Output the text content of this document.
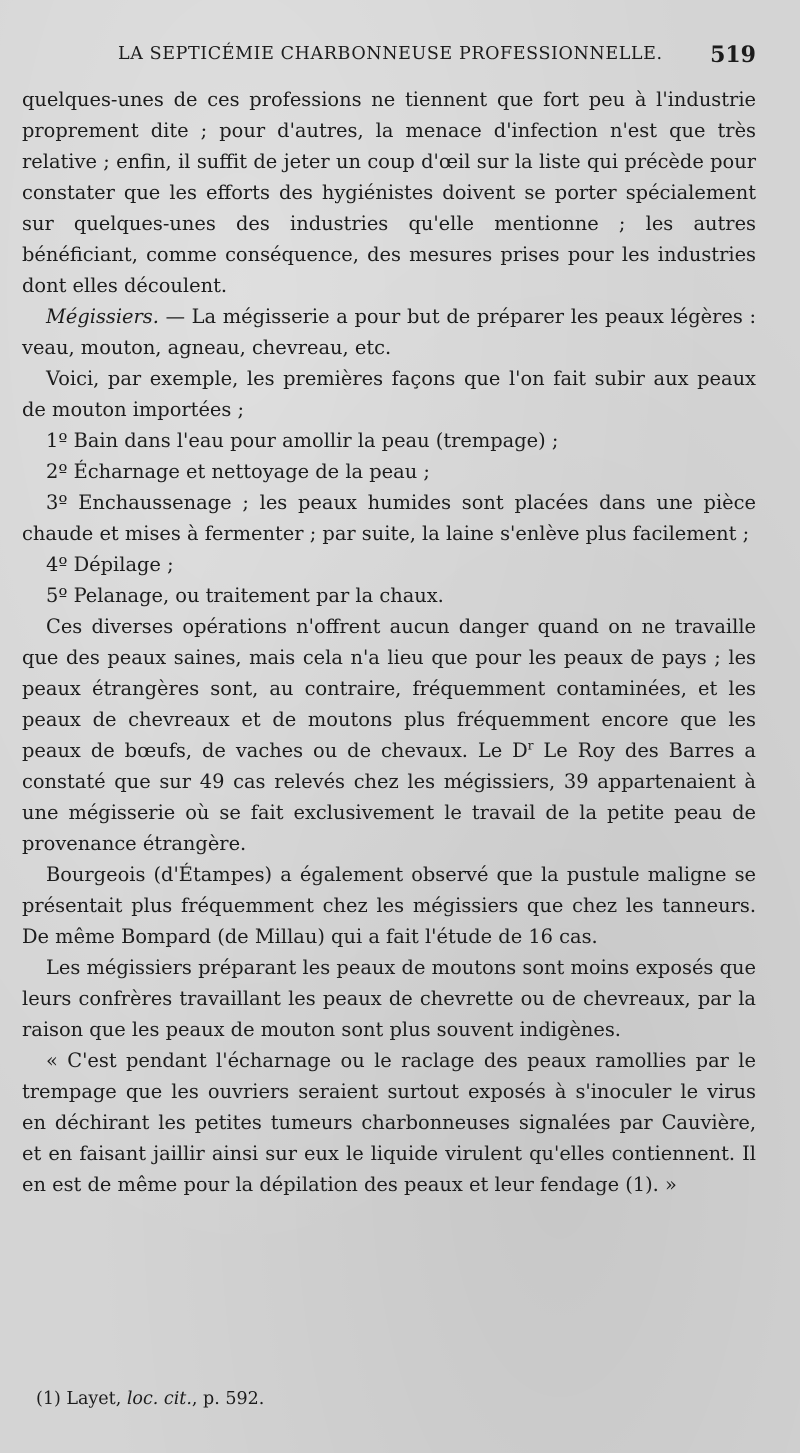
LA SEPTICÉMIE CHARBONNEUSE PROFESSIONNELLE. 519

quelques-unes de ces professions ne tiennent que fort peu à l'industrie proprement dite ; pour d'autres, la menace d'infection n'est que très relative ; enfin, il suffit de jeter un coup d'œil sur la liste qui précède pour constater que les efforts des hygiénistes doivent se porter spécialement sur quelques-unes des industries qu'elle mentionne ; les autres bénéficiant, comme conséquence, des mesures prises pour les industries dont elles découlent.

Mégissiers. — La mégisserie a pour but de préparer les peaux légères : veau, mouton, agneau, chevreau, etc.

Voici, par exemple, les premières façons que l'on fait subir aux peaux de mouton importées ;

1º Bain dans l'eau pour amollir la peau (trempage) ;

2º Écharnage et nettoyage de la peau ;

3º Enchaussenage ; les peaux humides sont placées dans une pièce chaude et mises à fermenter ; par suite, la laine s'enlève plus facilement ;

4º Dépilage ;

5º Pelanage, ou traitement par la chaux.

Ces diverses opérations n'offrent aucun danger quand on ne travaille que des peaux saines, mais cela n'a lieu que pour les peaux de pays ; les peaux étrangères sont, au contraire, fréquemment contaminées, et les peaux de chevreaux et de moutons plus fréquemment encore que les peaux de bœufs, de vaches ou de chevaux. Le $D^r$ Le Roy des Barres a constaté que sur 49 cas relevés chez les mégissiers, 39 appartenaient à une mégisserie où se fait exclusivement le travail de la petite peau de provenance étrangère.

Bourgeois (d'Étampes) a également observé que la pustule maligne se présentait plus fréquemment chez les mégissiers que chez les tanneurs. De même Bompard (de Millau) qui a fait l'étude de 16 cas.

Les mégissiers préparant les peaux de moutons sont moins exposés que leurs confrères travaillant les peaux de chevrette ou de chevreaux, par la raison que les peaux de mouton sont plus souvent indigènes.

« C'est pendant l'écharnage ou le raclage des peaux ramollies par le trempage que les ouvriers seraient surtout exposés à s'inoculer le virus en déchirant les petites tumeurs charbonneuses signalées par Cauvière, et en faisant jaillir ainsi sur eux le liquide virulent qu'elles contiennent. Il en est de même pour la dépilation des peaux et leur fendage (1). »

(1) Layet, loc. cit., p. 592.
